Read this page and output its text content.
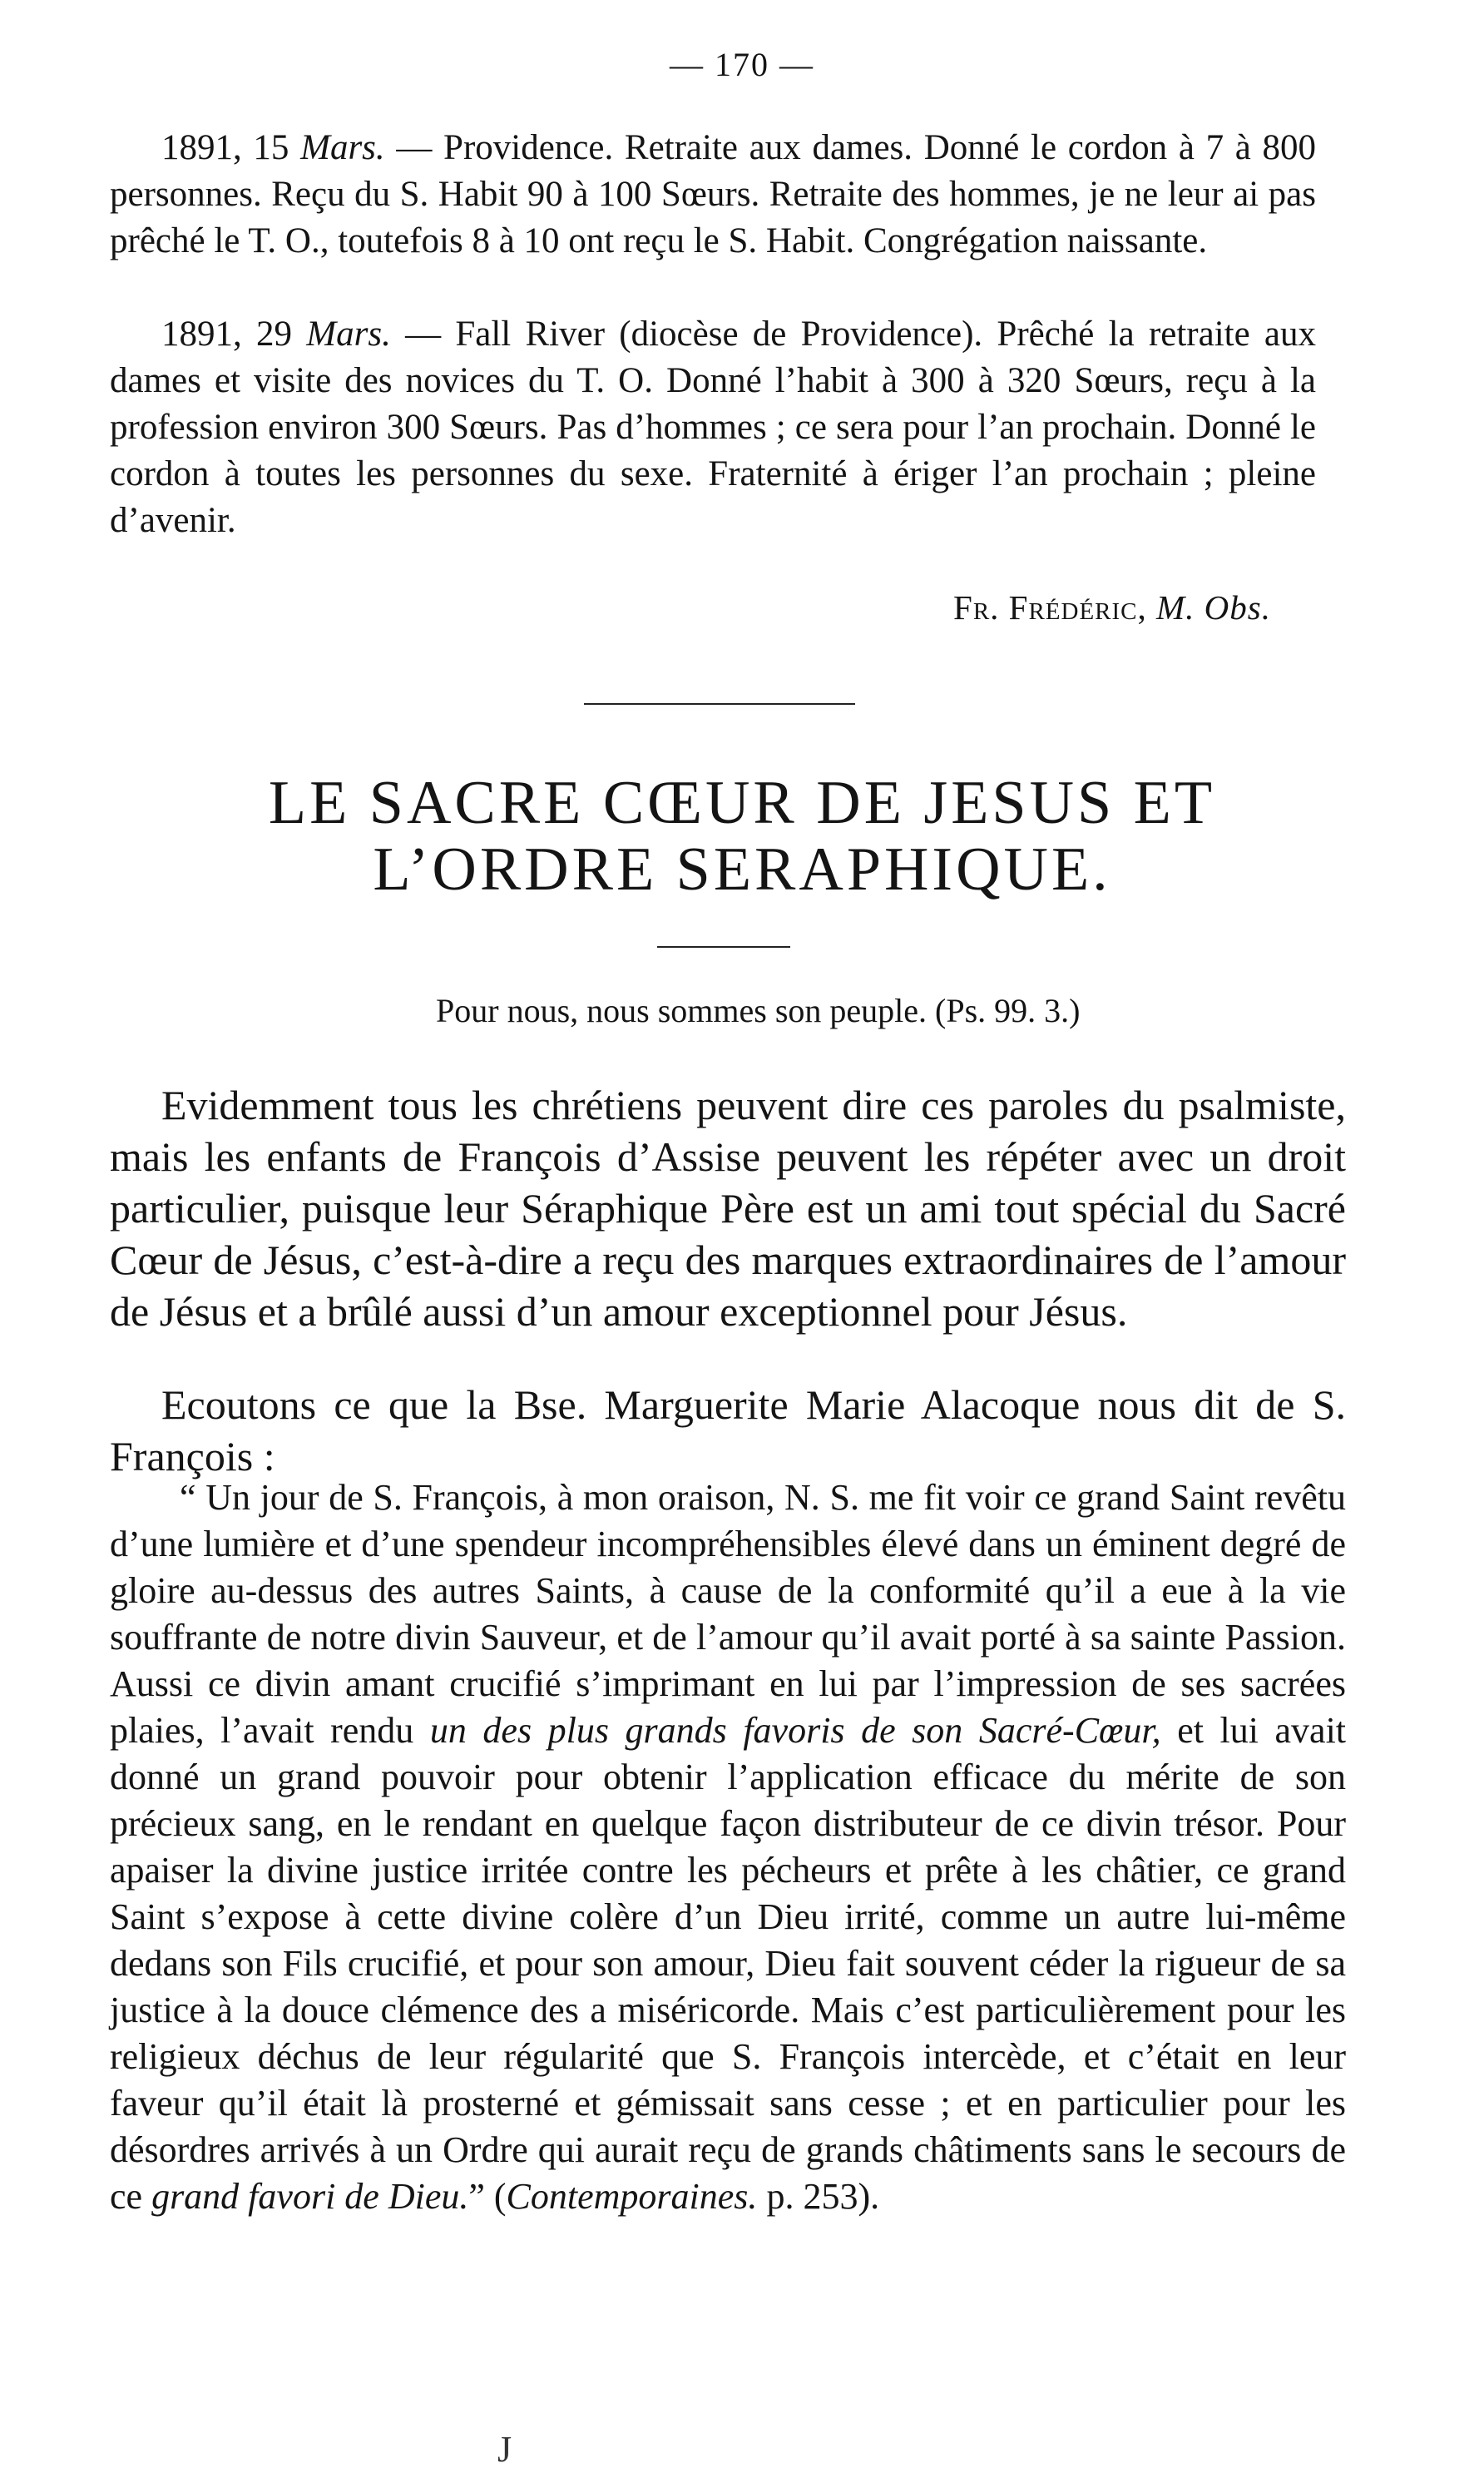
— 170 —

1891, 15 Mars. — Providence. Retraite aux dames. Donné le cordon à 7 à 800 personnes. Reçu du S. Habit 90 à 100 Sœurs. Retraite des hommes, je ne leur ai pas prêché le T. O., toutefois 8 à 10 ont reçu le S. Habit. Congrégation naissante.

1891, 29 Mars. — Fall River (diocèse de Providence). Prêché la retraite aux dames et visite des novices du T. O. Donné l’habit à 300 à 320 Sœurs, reçu à la profession environ 300 Sœurs. Pas d’hommes ; ce sera pour l’an prochain. Donné le cordon à toutes les personnes du sexe. Fraternité à ériger l’an prochain ; pleine d’avenir.

Fr. Frédéric, M. Obs.
LE SACRE CŒUR DE JESUS ET
L’ORDRE SERAPHIQUE.
Pour nous, nous sommes son peuple. (Ps. 99. 3.)

Evidemment tous les chrétiens peuvent dire ces paroles du psalmiste, mais les enfants de François d’Assise peuvent les répéter avec un droit particulier, puisque leur Séraphique Père est un ami tout spécial du Sacré Cœur de Jésus, c’est-à-dire a reçu des marques extraordinaires de l’amour de Jésus et a brûlé aussi d’un amour exceptionnel pour Jésus.

Ecoutons ce que la Bse. Marguerite Marie Alacoque nous dit de S. François :

“ Un jour de S. François, à mon oraison, N. S. me fit voir ce grand Saint revêtu d’une lumière et d’une spendeur incompréhensibles élevé dans un éminent degré de gloire au-dessus des autres Saints, à cause de la conformité qu’il a eue à la vie souffrante de notre divin Sauveur, et de l’amour qu’il avait porté à sa sainte Passion. Aussi ce divin amant crucifié s’imprimant en lui par l’impression de ses sacrées plaies, l’avait rendu un des plus grands favoris de son Sacré-Cœur, et lui avait donné un grand pouvoir pour obtenir l’application efficace du mérite de son précieux sang, en le rendant en quelque façon distributeur de ce divin trésor. Pour apaiser la divine justice irritée contre les pécheurs et prête à les châtier, ce grand Saint s’expose à cette divine colère d’un Dieu irrité, comme un autre lui-même dedans son Fils crucifié, et pour son amour, Dieu fait souvent céder la rigueur de sa justice à la douce clémence des a miséricorde. Mais c’est particulièrement pour les religieux déchus de leur régularité que S. François intercède, et c’était en leur faveur qu’il était là prosterné et gémissait sans cesse ; et en particulier pour les désordres arrivés à un Ordre qui aurait reçu de grands châtiments sans le secours de ce grand favori de Dieu.” (Contemporaines. p. 253).

J
